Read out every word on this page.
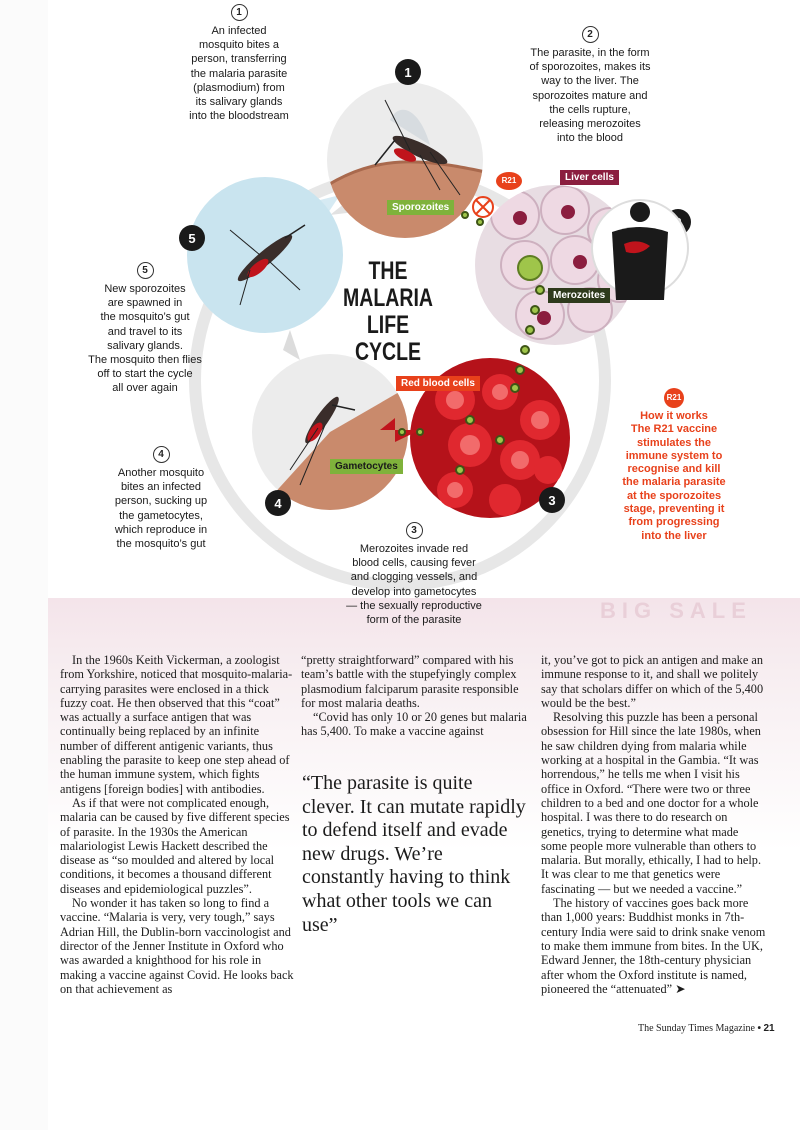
BIG SALE
1
5
4	3
R21
Sporozoites
Liver cells
Merozoites
Red blood cells
Gametocytes
THE
MALARIA
LIFE CYCLE
1
An infected
mosquito bites a
person, transferring
the malaria parasite
(plasmodium) from
its salivary glands
into the bloodstream
2
The parasite, in the form
of sporozoites, makes its
way to the liver. The
sporozoites mature and
the cells rupture,
releasing merozoites
into the blood
5
New sporozoites
are spawned in
the mosquito’s gut
and travel to its
salivary glands.
The mosquito then flies
off to start the cycle
all over again
4
Another mosquito
bites an infected
person, sucking up
the gametocytes,
which reproduce in
the mosquito’s gut
3
Merozoites invade red
blood cells, causing fever
and clogging vessels, and
develop into gametocytes
— the sexually reproductive
form of the parasite
R21
How it works
The R21 vaccine
stimulates the
immune system to
recognise and kill
the malaria parasite
at the sporozoites
stage, preventing it
from progressing
into the liver

In the 1960s Keith Vickerman, a zoologist from Yorkshire, noticed that mosquito-malaria-carrying parasites were enclosed in a thick fuzzy coat. He then observed that this “coat” was actually a surface antigen that was continually being replaced by an infinite number of different antigenic variants, thus enabling the parasite to keep one step ahead of the human immune system, which fights antigens [foreign bodies] with antibodies.

As if that were not complicated enough, malaria can be caused by five different species of parasite. In the 1930s the American malariologist Lewis Hackett described the disease as “so moulded and altered by local conditions, it becomes a thousand different diseases and epidemiological puzzles”.

No wonder it has taken so long to find a vaccine. “Malaria is very, very tough,” says Adrian Hill, the Dublin-born vaccinologist and director of the Jenner Institute in Oxford who was awarded a knighthood for his role in making a vaccine against Covid. He looks back on that achievement as

“pretty straightforward” compared with his team’s battle with the stupefyingly complex plasmodium falciparum parasite responsible for most malaria deaths.

“Covid has only 10 or 20 genes but malaria has 5,400. To make a vaccine against

“The parasite is quite clever. It can mutate rapidly to defend itself and evade new drugs. We’re constantly having to think what other tools we can use”

it, you’ve got to pick an antigen and make an immune response to it, and shall we politely say that scholars differ on which of the 5,400 would be the best.”

Resolving this puzzle has been a personal obsession for Hill since the late 1980s, when he saw children dying from malaria while working at a hospital in the Gambia. “It was horrendous,” he tells me when I visit his office in Oxford. “There were two or three children to a bed and one doctor for a whole hospital. I was there to do research on genetics, trying to determine what made some people more vulnerable than others to malaria. But morally, ethically, I had to help. It was clear to me that genetics were fascinating — but we needed a vaccine.”

The history of vaccines goes back more than 1,000 years: Buddhist monks in 7th-century India were said to drink snake venom to make them immune from bites. In the UK, Edward Jenner, the 18th-century physician after whom the Oxford institute is named, pioneered the “attenuated” ➤

The Sunday Times Magazine • 21
